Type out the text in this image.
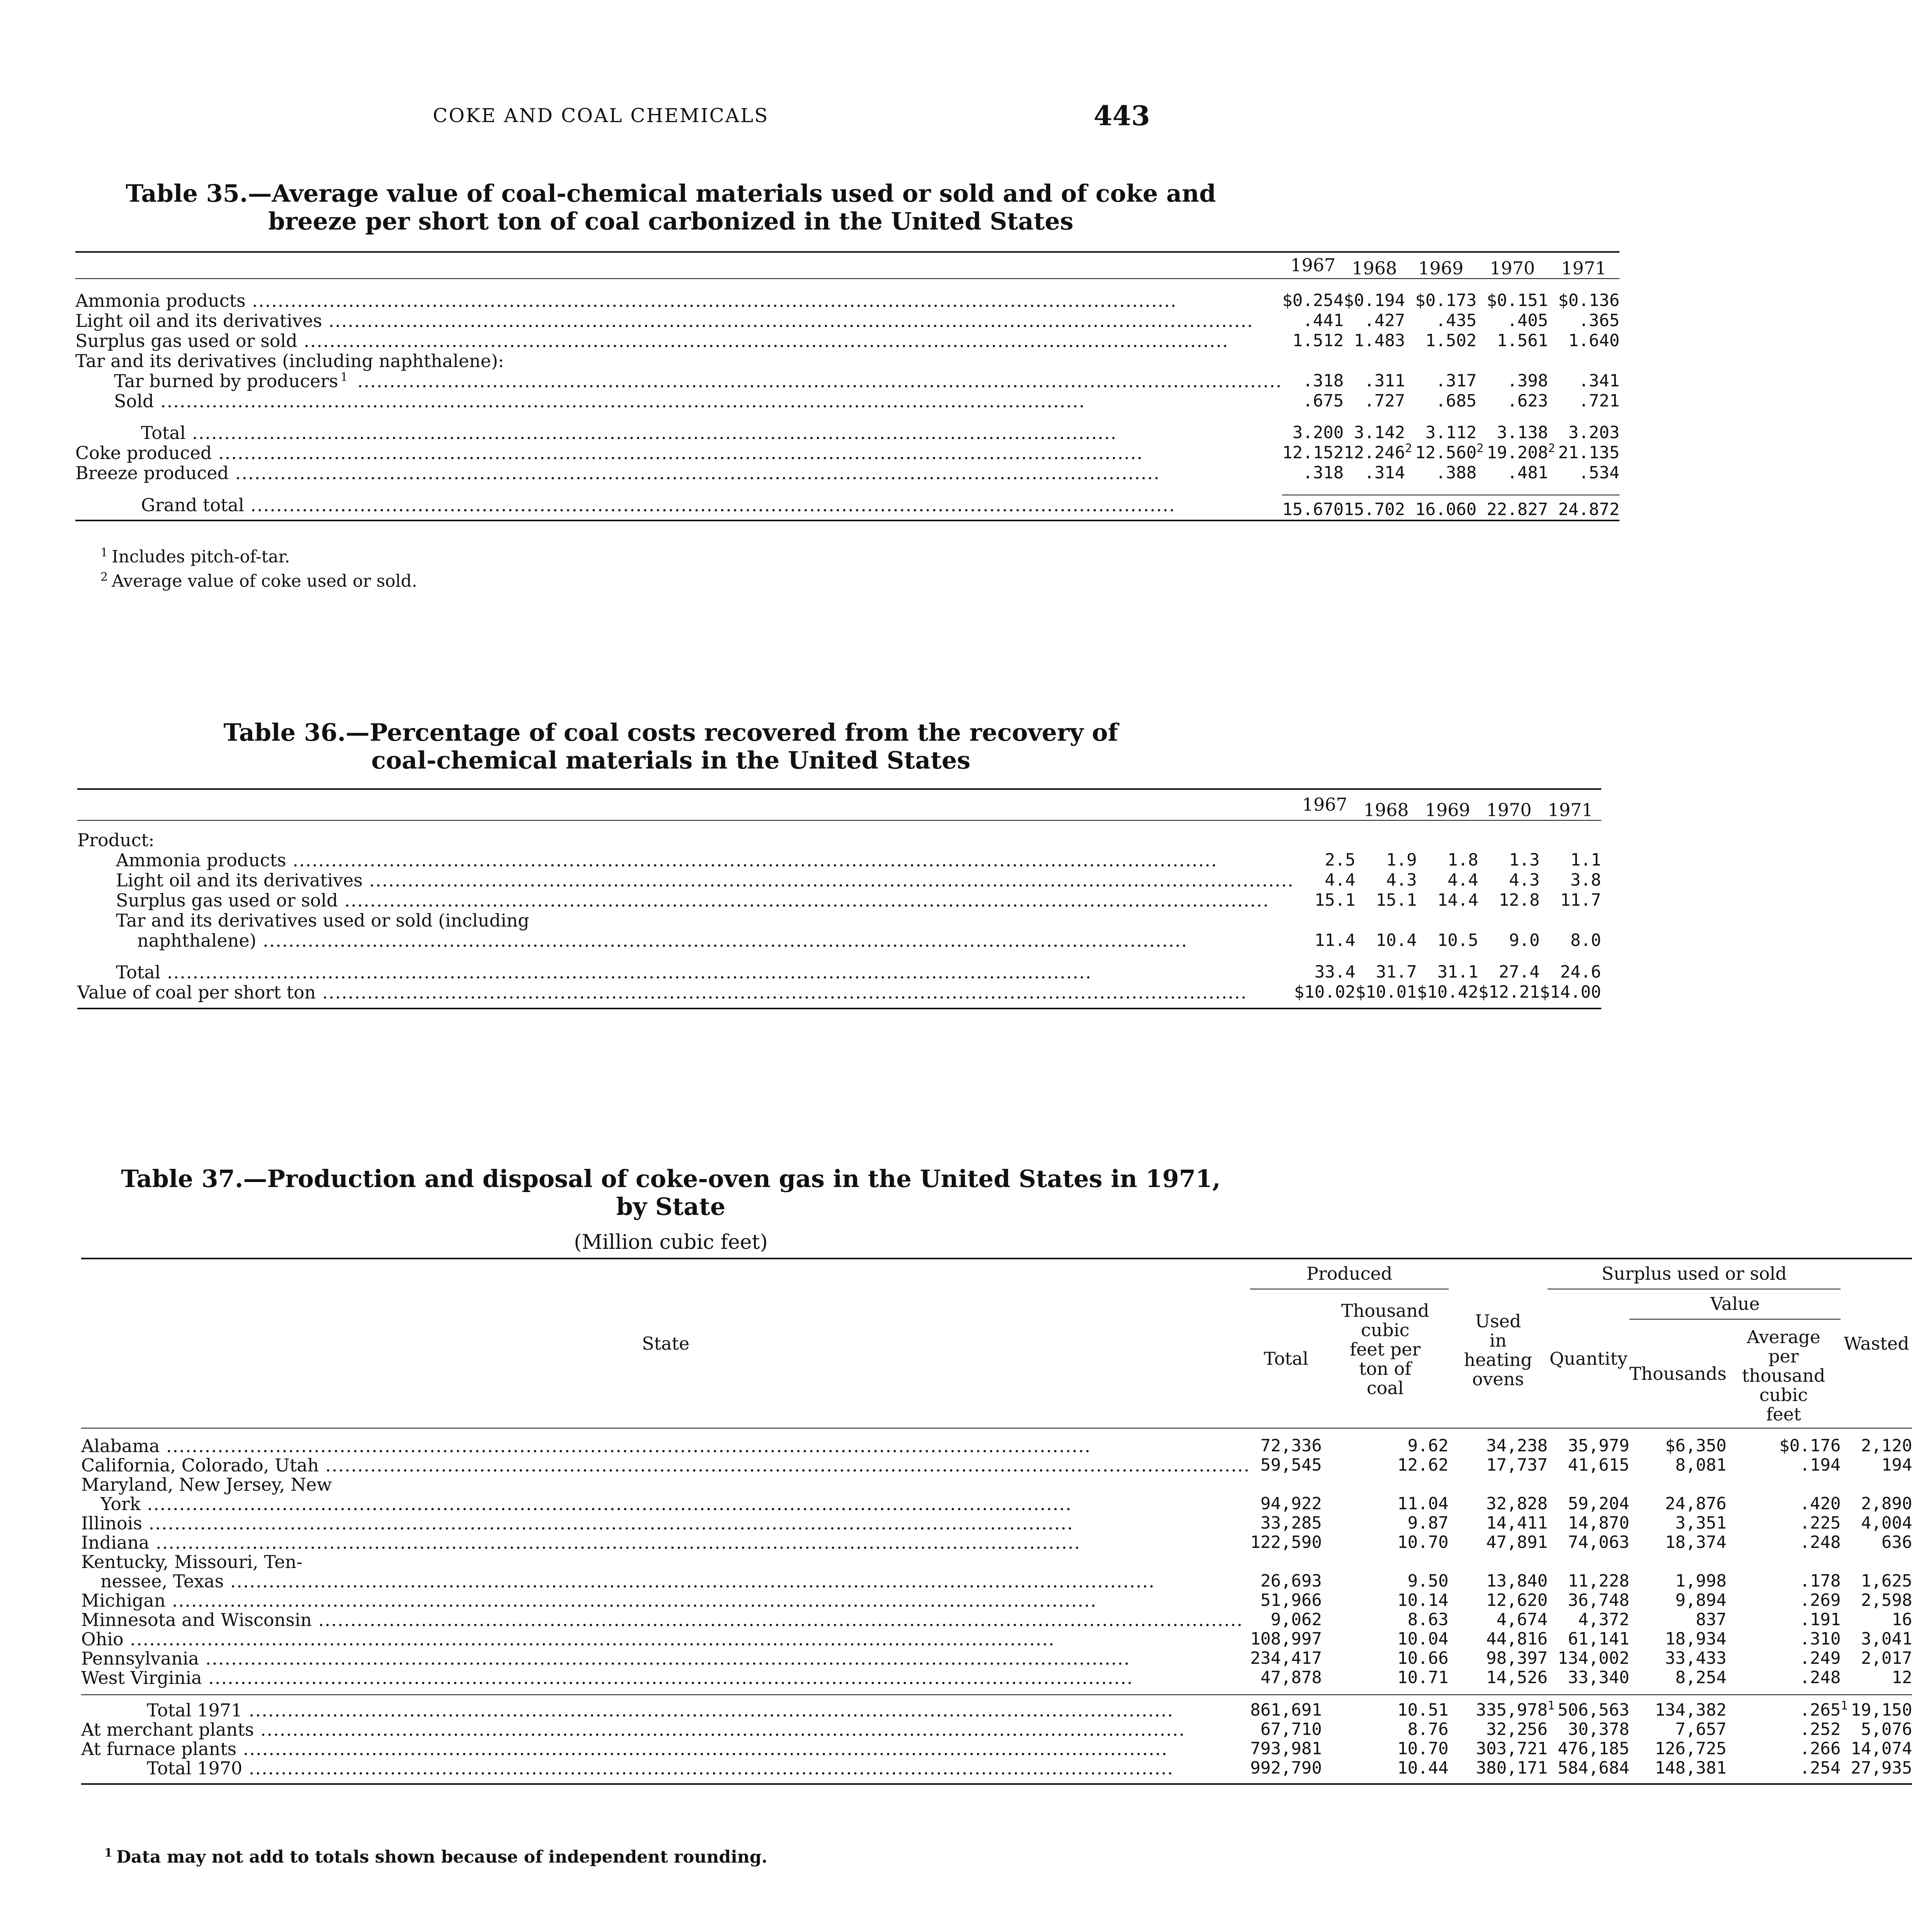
COKE AND COAL CHEMICALS	443
Table 35.—Average value of coal-chemical materials used or sold and of coke and
breeze per short ton of coal carbonized in the United States
	1967	1968	1969	1970	1971

Ammonia products .....	$0.254	$0.194	$0.173	$0.151	$0.136

Light oil and its derivatives .....	.441	.427	.435	.405	.365

Surplus gas used or sold .....	1.512	1.483	1.502	1.561	1.640

Tar and its derivatives (including naphthalene):					

Tar burned by producers $^1$ .....	.318	.311	.317	.398	.341

Sold .....	.675	.727	.685	.623	.721

Total .....	3.200	3.142	3.112	3.138	3.203

Coke produced .....	12.152	12.246	$^2$ 12.560	$^2$ 19.208	$^2$ 21.135

Breeze produced .....	.318	.314	.388	.481	.534

Grand total .....	15.670	15.702	16.060	22.827	24.872
$^1$ Includes pitch-of-tar.
$^2$ Average value of coke used or sold.
Table 36.—Percentage of coal costs recovered from the recovery of
coal-chemical materials in the United States
	1967	1968	1969	1970	1971

Product:					

Ammonia products .....	2.5	1.9	1.8	1.3	1.1

Light oil and its derivatives .....	4.4	4.3	4.4	4.3	3.8

Surplus gas used or sold .....	15.1	15.1	14.4	12.8	11.7

Tar and its derivatives used or sold (including
naphthalene) .....	11.4	10.4	10.5	9.0	8.0

Total .....	33.4	31.7	31.1	27.4	24.6

Value of coal per short ton .....	$10.02	$10.01	$10.42	$12.21	$14.00
Table 37.—Production and disposal of coke-oven gas in the United States in 1971,
by State
(Million cubic feet)
State	Produced		Used in heating ovens	Surplus used or sold			Wasted
	Total	Thousand cubic feet per ton of coal		Quantity	Value		
					Thousands	Average per thousand cubic feet	

Alabama .....	72,336	9.62	34,238	35,979	$6,350	$0.176	2,120

California, Colorado, Utah .....	59,545	12.62	17,737	41,615	8,081	.194	194

Maryland, New Jersey, New
York .....	94,922	11.04	32,828	59,204	24,876	.420	2,890

Illinois .....	33,285	9.87	14,411	14,870	3,351	.225	4,004

Indiana .....	122,590	10.70	47,891	74,063	18,374	.248	636

Kentucky, Missouri, Ten-
nessee, Texas .....	26,693	9.50	13,840	11,228	1,998	.178	1,625

Michigan .....	51,966	10.14	12,620	36,748	9,894	.269	2,598

Minnesota and Wisconsin .....	9,062	8.63	4,674	4,372	837	.191	16

Ohio .....	108,997	10.04	44,816	61,141	18,934	.310	3,041

Pennsylvania .....	234,417	10.66	98,397	134,002	33,433	.249	2,017

West Virginia .....	47,878	10.71	14,526	33,340	8,254	.248	12

Total 1971 .....	861,691	10.51	335,978	$^1$ 506,563	134,382	.265	$^1$ 19,150

At merchant plants .....	67,710	8.76	32,256	30,378	7,657	.252	5,076

At furnace plants .....	793,981	10.70	303,721	476,185	126,725	.266	14,074

Total 1970 .....	992,790	10.44	380,171	584,684	148,381	.254	27,935
$^1$ Data may not add to totals shown because of independent rounding.
